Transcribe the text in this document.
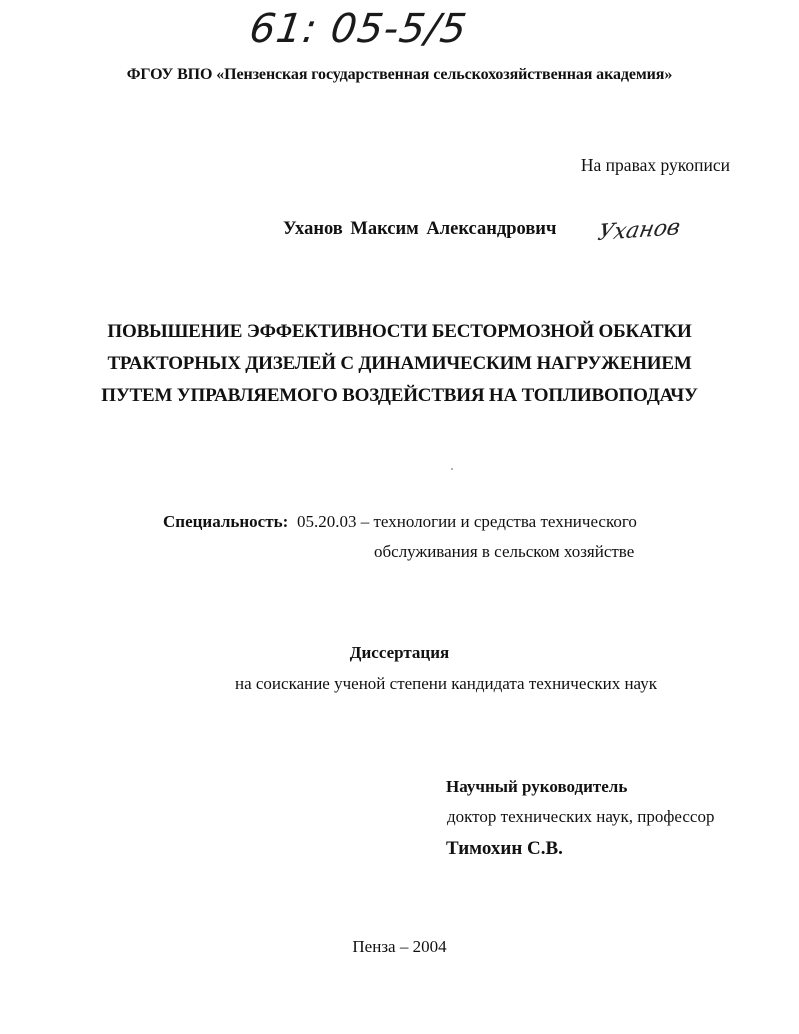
61: 05-5/5
ФГОУ ВПО «Пензенская государственная сельскохозяйственная академия»
На правах рукописи
Уханов Максим Александрович Уханов
ПОВЫШЕНИЕ ЭФФЕКТИВНОСТИ БЕСТОРМОЗНОЙ ОБКАТКИ
ТРАКТОРНЫХ ДИЗЕЛЕЙ С ДИНАМИЧЕСКИМ НАГРУЖЕНИЕМ
ПУТЕМ УПРАВЛЯЕМОГО ВОЗДЕЙСТВИЯ НА ТОПЛИВОПОДАЧУ
Специальность: 05.20.03 – технологии и средства технического
обслуживания в сельском хозяйстве
Диссертация
на соискание ученой степени кандидата технических наук
Научный руководитель
доктор технических наук, профессор
Тимохин С.В.
Пенза – 2004
